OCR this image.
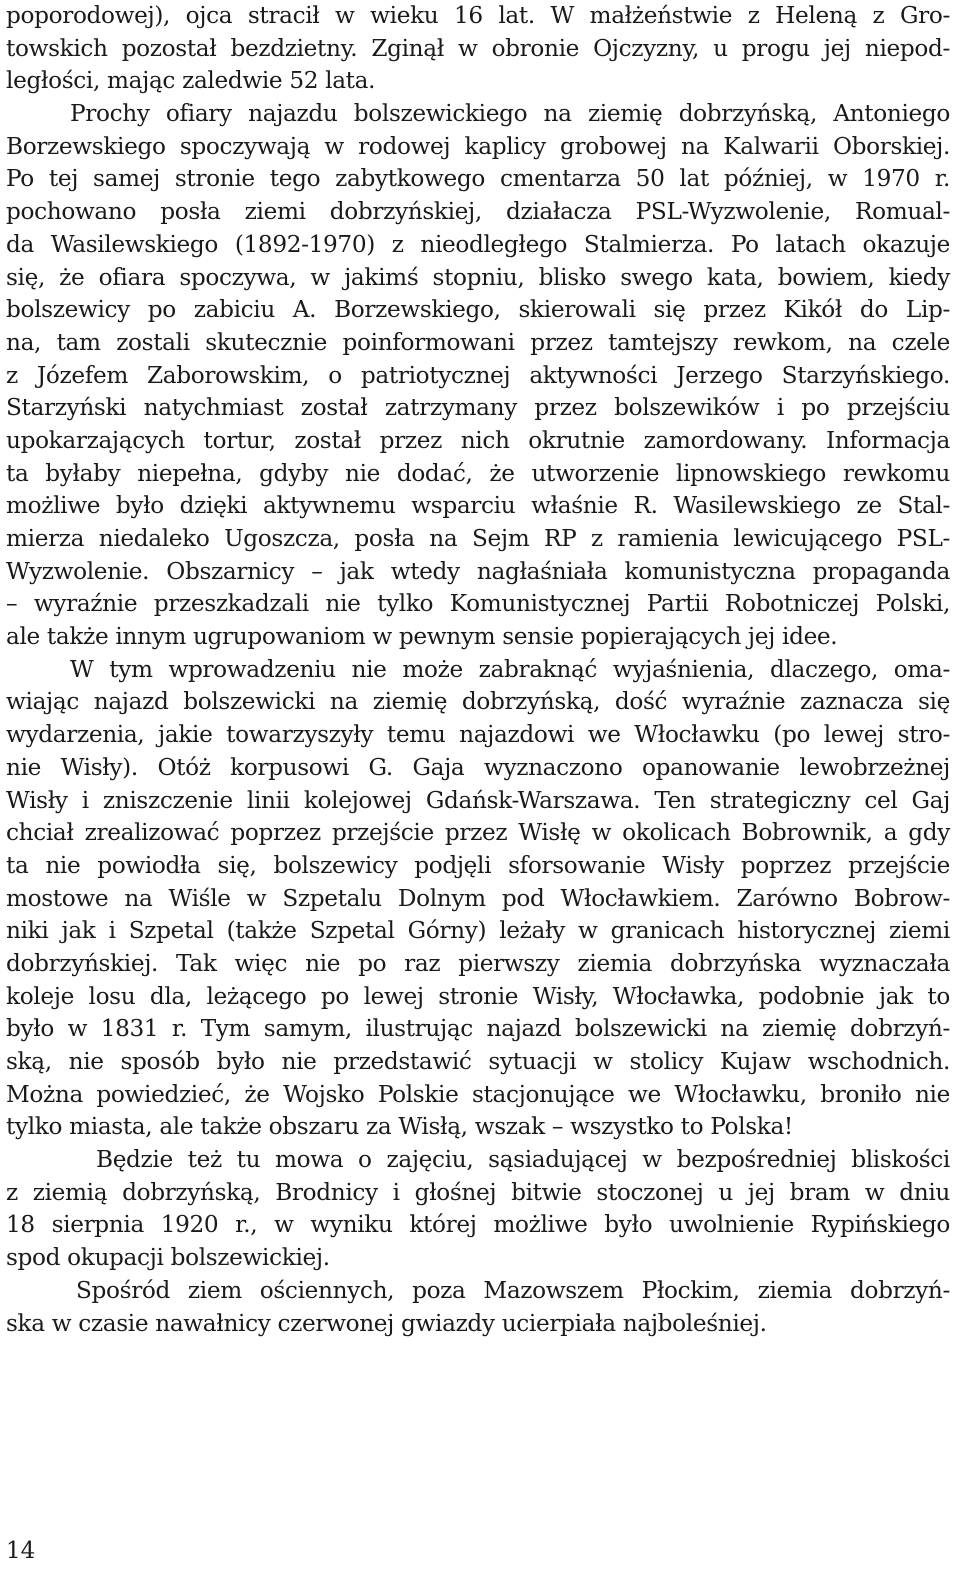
poporodowej), ojca stracił w wieku 16 lat. W małżeństwie z Heleną z Gro-
towskich pozostał bezdzietny. Zginął w obronie Ojczyzny, u progu jej niepod-
ległości, mając zaledwie 52 lata.
Prochy ofiary najazdu bolszewickiego na ziemię dobrzyńską, Antoniego
Borzewskiego spoczywają w rodowej kaplicy grobowej na Kalwarii Oborskiej.
Po tej samej stronie tego zabytkowego cmentarza 50 lat później, w 1970 r.
pochowano posła ziemi dobrzyńskiej, działacza PSL-Wyzwolenie, Romual-
da Wasilewskiego (1892-1970) z nieodległego Stalmierza. Po latach okazuje
się, że ofiara spoczywa, w jakimś stopniu, blisko swego kata, bowiem, kiedy
bolszewicy po zabiciu A. Borzewskiego, skierowali się przez Kikół do Lip-
na, tam zostali skutecznie poinformowani przez tamtejszy rewkom, na czele
z Józefem Zaborowskim, o patriotycznej aktywności Jerzego Starzyńskiego.
Starzyński natychmiast został zatrzymany przez bolszewików i po przejściu
upokarzających tortur, został przez nich okrutnie zamordowany. Informacja
ta byłaby niepełna, gdyby nie dodać, że utworzenie lipnowskiego rewkomu
możliwe było dzięki aktywnemu wsparciu właśnie R. Wasilewskiego ze Stal-
mierza niedaleko Ugoszcza, posła na Sejm RP z ramienia lewicującego PSL-
Wyzwolenie. Obszarnicy – jak wtedy nagłaśniała komunistyczna propaganda
– wyraźnie przeszkadzali nie tylko Komunistycznej Partii Robotniczej Polski,
ale także innym ugrupowaniom w pewnym sensie popierających jej idee.
W tym wprowadzeniu nie może zabraknąć wyjaśnienia, dlaczego, oma-
wiając najazd bolszewicki na ziemię dobrzyńską, dość wyraźnie zaznacza się
wydarzenia, jakie towarzyszyły temu najazdowi we Włocławku (po lewej stro-
nie Wisły). Otóż korpusowi G. Gaja wyznaczono opanowanie lewobrzeżnej
Wisły i zniszczenie linii kolejowej Gdańsk-Warszawa. Ten strategiczny cel Gaj
chciał zrealizować poprzez przejście przez Wisłę w okolicach Bobrownik, a gdy
ta nie powiodła się, bolszewicy podjęli sforsowanie Wisły poprzez przejście
mostowe na Wiśle w Szpetalu Dolnym pod Włocławkiem. Zarówno Bobrow-
niki jak i Szpetal (także Szpetal Górny) leżały w granicach historycznej ziemi
dobrzyńskiej. Tak więc nie po raz pierwszy ziemia dobrzyńska wyznaczała
koleje losu dla, leżącego po lewej stronie Wisły, Włocławka, podobnie jak to
było w 1831 r. Tym samym, ilustrując najazd bolszewicki na ziemię dobrzyń-
ską, nie sposób było nie przedstawić sytuacji w stolicy Kujaw wschodnich.
Można powiedzieć, że Wojsko Polskie stacjonujące we Włocławku, broniło nie
tylko miasta, ale także obszaru za Wisłą, wszak – wszystko to Polska!
Będzie też tu mowa o zajęciu, sąsiadującej w bezpośredniej bliskości
z ziemią dobrzyńską, Brodnicy i głośnej bitwie stoczonej u jej bram w dniu
18 sierpnia 1920 r., w wyniku której możliwe było uwolnienie Rypińskiego
spod okupacji bolszewickiej.
Spośród ziem ościennych, poza Mazowszem Płockim, ziemia dobrzyń-
ska w czasie nawałnicy czerwonej gwiazdy ucierpiała najboleśniej.
14
